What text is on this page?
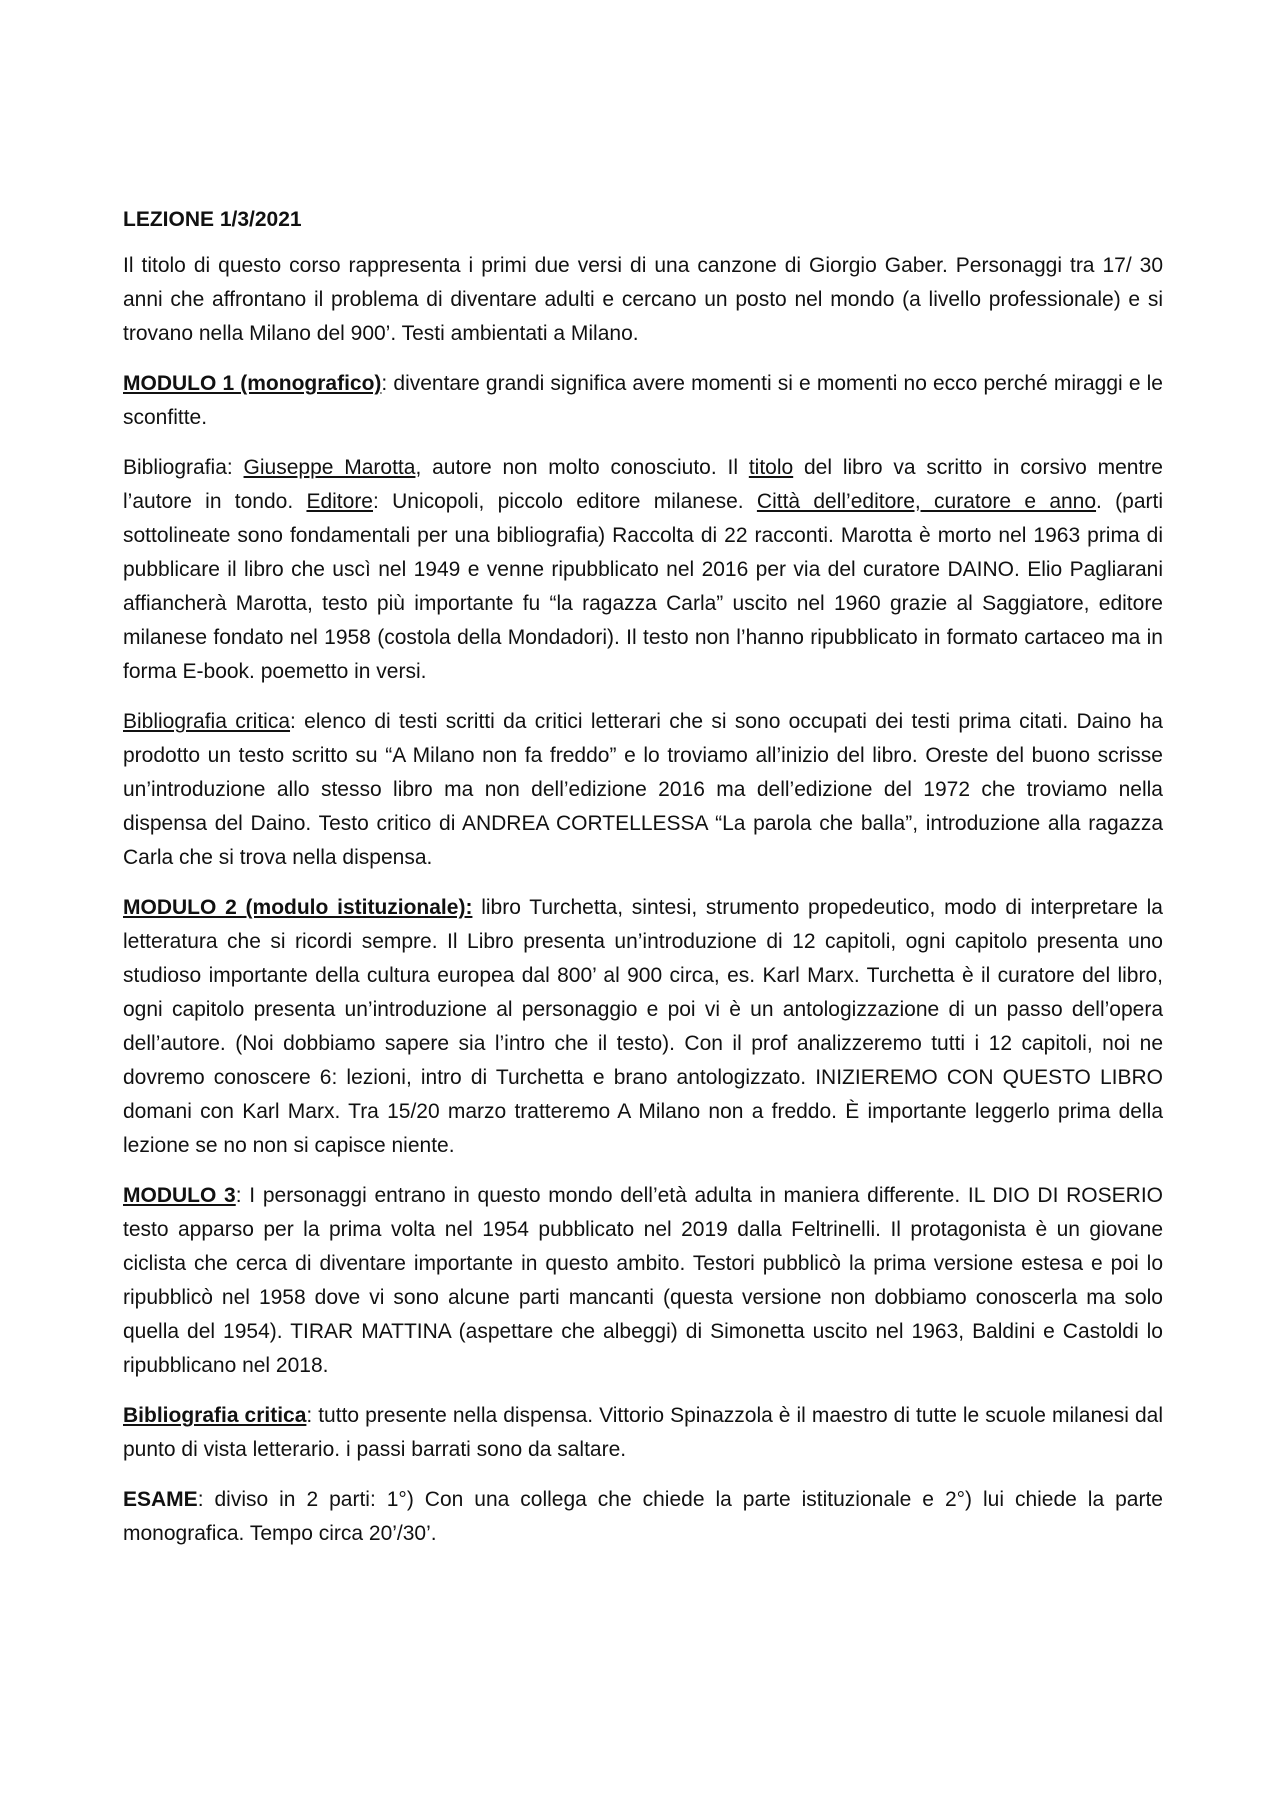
LEZIONE 1/3/2021

Il titolo di questo corso rappresenta i primi due versi di una canzone di Giorgio Gaber. Personaggi tra 17/ 30 anni che affrontano il problema di diventare adulti e cercano un posto nel mondo (a livello professionale) e si trovano nella Milano del 900’. Testi ambientati a Milano.

MODULO 1 (monografico): diventare grandi significa avere momenti si e momenti no ecco perché miraggi e le sconfitte.

Bibliografia: Giuseppe Marotta, autore non molto conosciuto. Il titolo del libro va scritto in corsivo mentre l’autore in tondo. Editore: Unicopoli, piccolo editore milanese. Città dell’editore, curatore e anno. (parti sottolineate sono fondamentali per una bibliografia) Raccolta di 22 racconti. Marotta è morto nel 1963 prima di pubblicare il libro che uscì nel 1949 e venne ripubblicato nel 2016 per via del curatore DAINO. Elio Pagliarani affiancherà Marotta, testo più importante fu “la ragazza Carla” uscito nel 1960 grazie al Saggiatore, editore milanese fondato nel 1958 (costola della Mondadori). Il testo non l’hanno ripubblicato in formato cartaceo ma in forma E-book. poemetto in versi.

Bibliografia critica: elenco di testi scritti da critici letterari che si sono occupati dei testi prima citati. Daino ha prodotto un testo scritto su “A Milano non fa freddo” e lo troviamo all’inizio del libro. Oreste del buono scrisse un’introduzione allo stesso libro ma non dell’edizione 2016 ma dell’edizione del 1972 che troviamo nella dispensa del Daino. Testo critico di ANDREA CORTELLESSA “La parola che balla”, introduzione alla ragazza Carla che si trova nella dispensa.

MODULO 2 (modulo istituzionale): libro Turchetta, sintesi, strumento propedeutico, modo di interpretare la letteratura che si ricordi sempre. Il Libro presenta un’introduzione di 12 capitoli, ogni capitolo presenta uno studioso importante della cultura europea dal 800’ al 900 circa, es. Karl Marx. Turchetta è il curatore del libro, ogni capitolo presenta un’introduzione al personaggio e poi vi è un antologizzazione di un passo dell’opera dell’autore. (Noi dobbiamo sapere sia l’intro che il testo). Con il prof analizzeremo tutti i 12 capitoli, noi ne dovremo conoscere 6: lezioni, intro di Turchetta e brano antologizzato. INIZIEREMO CON QUESTO LIBRO domani con Karl Marx. Tra 15/20 marzo tratteremo A Milano non a freddo. È importante leggerlo prima della lezione se no non si capisce niente.

MODULO 3: I personaggi entrano in questo mondo dell’età adulta in maniera differente. IL DIO DI ROSERIO testo apparso per la prima volta nel 1954 pubblicato nel 2019 dalla Feltrinelli. Il protagonista è un giovane ciclista che cerca di diventare importante in questo ambito. Testori pubblicò la prima versione estesa e poi lo ripubblicò nel 1958 dove vi sono alcune parti mancanti (questa versione non dobbiamo conoscerla ma solo quella del 1954). TIRAR MATTINA (aspettare che albeggi) di Simonetta uscito nel 1963, Baldini e Castoldi lo ripubblicano nel 2018.

Bibliografia critica: tutto presente nella dispensa. Vittorio Spinazzola è il maestro di tutte le scuole milanesi dal punto di vista letterario. i passi barrati sono da saltare.

ESAME: diviso in 2 parti: 1°) Con una collega che chiede la parte istituzionale e 2°) lui chiede la parte monografica. Tempo circa 20’/30’.
